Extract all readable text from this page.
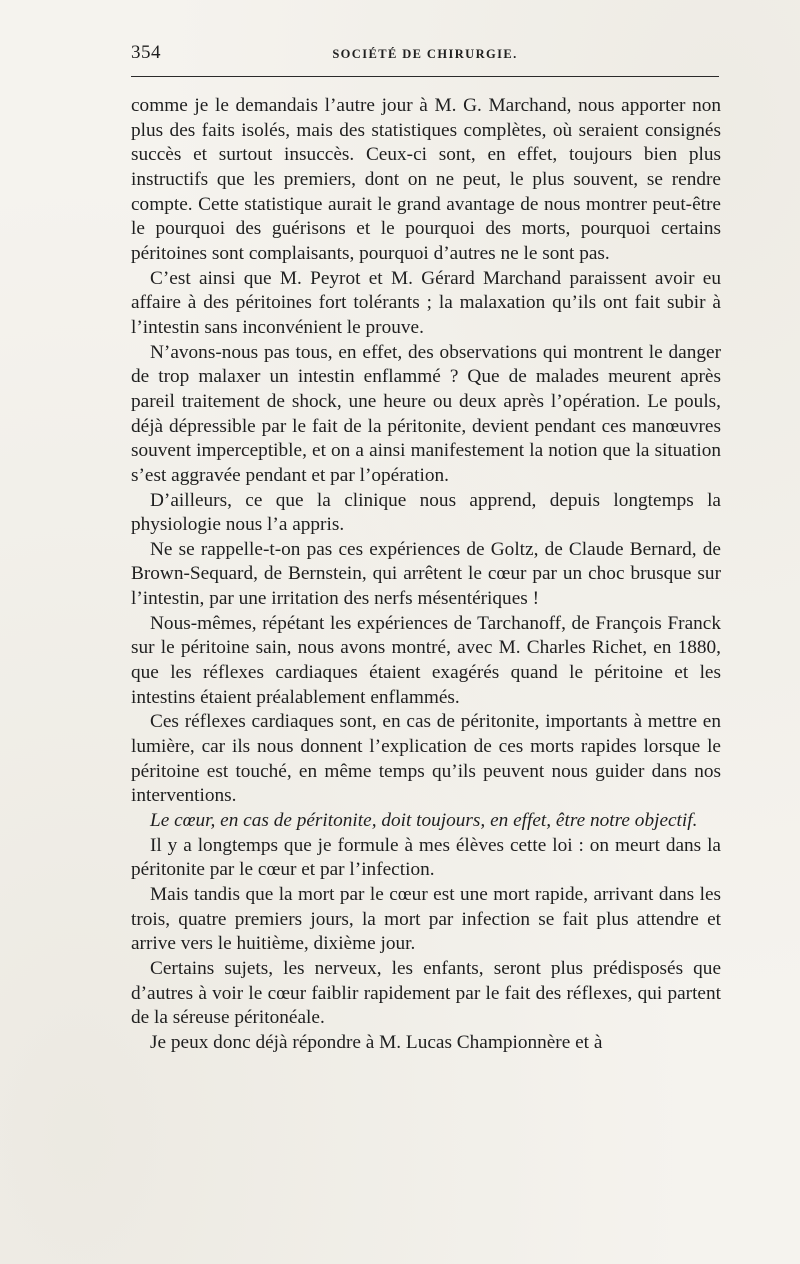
354	SOCIÉTÉ DE CHIRURGIE.

comme je le demandais l’autre jour à M. G. Marchand, nous apporter non plus des faits isolés, mais des statistiques complètes, où seraient consignés succès et surtout insuccès. Ceux-ci sont, en effet, toujours bien plus instructifs que les premiers, dont on ne peut, le plus souvent, se rendre compte. Cette statistique aurait le grand avantage de nous montrer peut-être le pourquoi des guérisons et le pourquoi des morts, pourquoi certains péritoines sont complaisants, pourquoi d’autres ne le sont pas.

C’est ainsi que M. Peyrot et M. Gérard Marchand paraissent avoir eu affaire à des péritoines fort tolérants ; la malaxation qu’ils ont fait subir à l’intestin sans inconvénient le prouve.

N’avons-nous pas tous, en effet, des observations qui montrent le danger de trop malaxer un intestin enflammé ? Que de malades meurent après pareil traitement de shock, une heure ou deux après l’opération. Le pouls, déjà dépressible par le fait de la péritonite, devient pendant ces manœuvres souvent imperceptible, et on a ainsi manifestement la notion que la situation s’est aggravée pendant et par l’opération.

D’ailleurs, ce que la clinique nous apprend, depuis longtemps la physiologie nous l’a appris.

Ne se rappelle-t-on pas ces expériences de Goltz, de Claude Bernard, de Brown-Sequard, de Bernstein, qui arrêtent le cœur par un choc brusque sur l’intestin, par une irritation des nerfs mésentériques !

Nous-mêmes, répétant les expériences de Tarchanoff, de François Franck sur le péritoine sain, nous avons montré, avec M. Charles Richet, en 1880, que les réflexes cardiaques étaient exagérés quand le péritoine et les intestins étaient préalablement enflammés.

Ces réflexes cardiaques sont, en cas de péritonite, importants à mettre en lumière, car ils nous donnent l’explication de ces morts rapides lorsque le péritoine est touché, en même temps qu’ils peuvent nous guider dans nos interventions.

Le cœur, en cas de péritonite, doit toujours, en effet, être notre objectif.

Il y a longtemps que je formule à mes élèves cette loi : on meurt dans la péritonite par le cœur et par l’infection.

Mais tandis que la mort par le cœur est une mort rapide, arrivant dans les trois, quatre premiers jours, la mort par infection se fait plus attendre et arrive vers le huitième, dixième jour.

Certains sujets, les nerveux, les enfants, seront plus prédisposés que d’autres à voir le cœur faiblir rapidement par le fait des réflexes, qui partent de la séreuse péritonéale.

Je peux donc déjà répondre à M. Lucas Championnère et à
